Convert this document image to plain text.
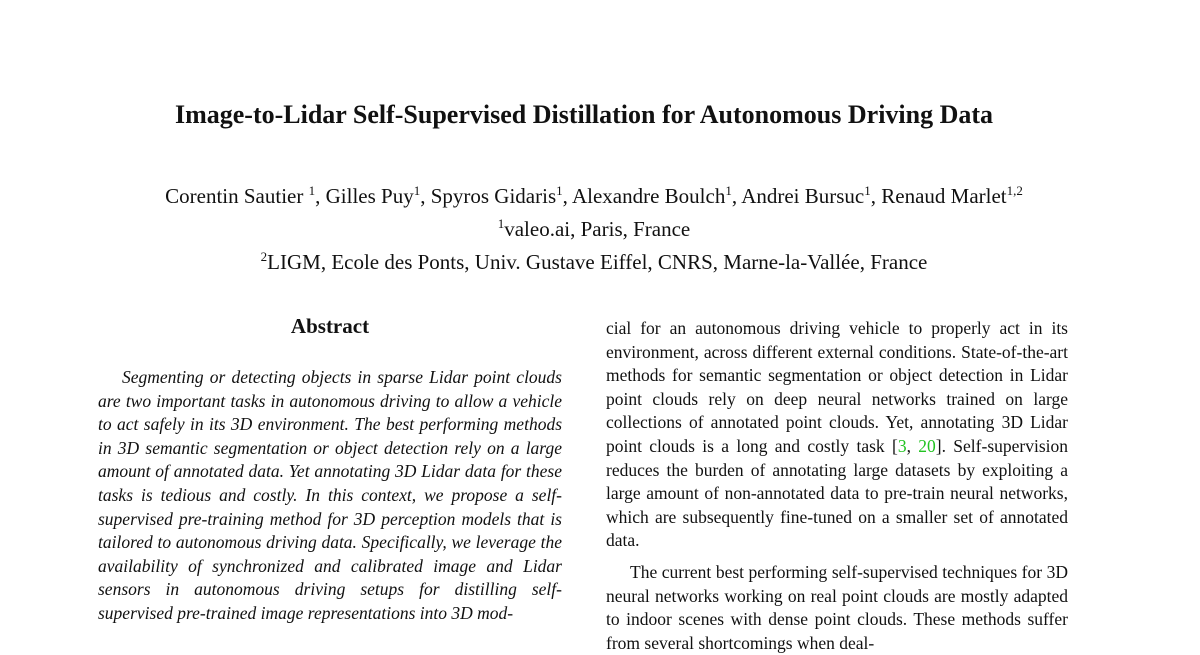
Image-to-Lidar Self-Supervised Distillation for Autonomous Driving Data
Corentin Sautier $^1$, Gilles Puy$^1$, Spyros Gidaris$^1$, Alexandre Boulch$^1$, Andrei Bursuc$^1$, Renaud Marlet$^{1,2}$
$^1$valeo.ai, Paris, France
$^2$LIGM, Ecole des Ponts, Univ. Gustave Eiffel, CNRS, Marne-la-Vallée, France
Abstract
Segmenting or detecting objects in sparse Lidar point clouds are two important tasks in autonomous driving to allow a vehicle to act safely in its 3D environment. The best performing methods in 3D semantic segmentation or object detection rely on a large amount of annotated data. Yet annotating 3D Lidar data for these tasks is tedious and costly. In this context, we propose a self-supervised pre-training method for 3D perception models that is tailored to autonomous driving data. Specifically, we leverage the availability of synchronized and calibrated image and Lidar sensors in autonomous driving setups for distilling self-supervised pre-trained image representations into 3D mod-
cial for an autonomous driving vehicle to properly act in its environment, across different external conditions. State-of-the-art methods for semantic segmentation or object detection in Lidar point clouds rely on deep neural networks trained on large collections of annotated point clouds. Yet, annotating 3D Lidar point clouds is a long and costly task [3, 20]. Self-supervision reduces the burden of annotating large datasets by exploiting a large amount of non-annotated data to pre-train neural networks, which are subsequently fine-tuned on a smaller set of annotated data.
The current best performing self-supervised techniques for 3D neural networks working on real point clouds are mostly adapted to indoor scenes with dense point clouds. These methods suffer from several shortcomings when deal-
